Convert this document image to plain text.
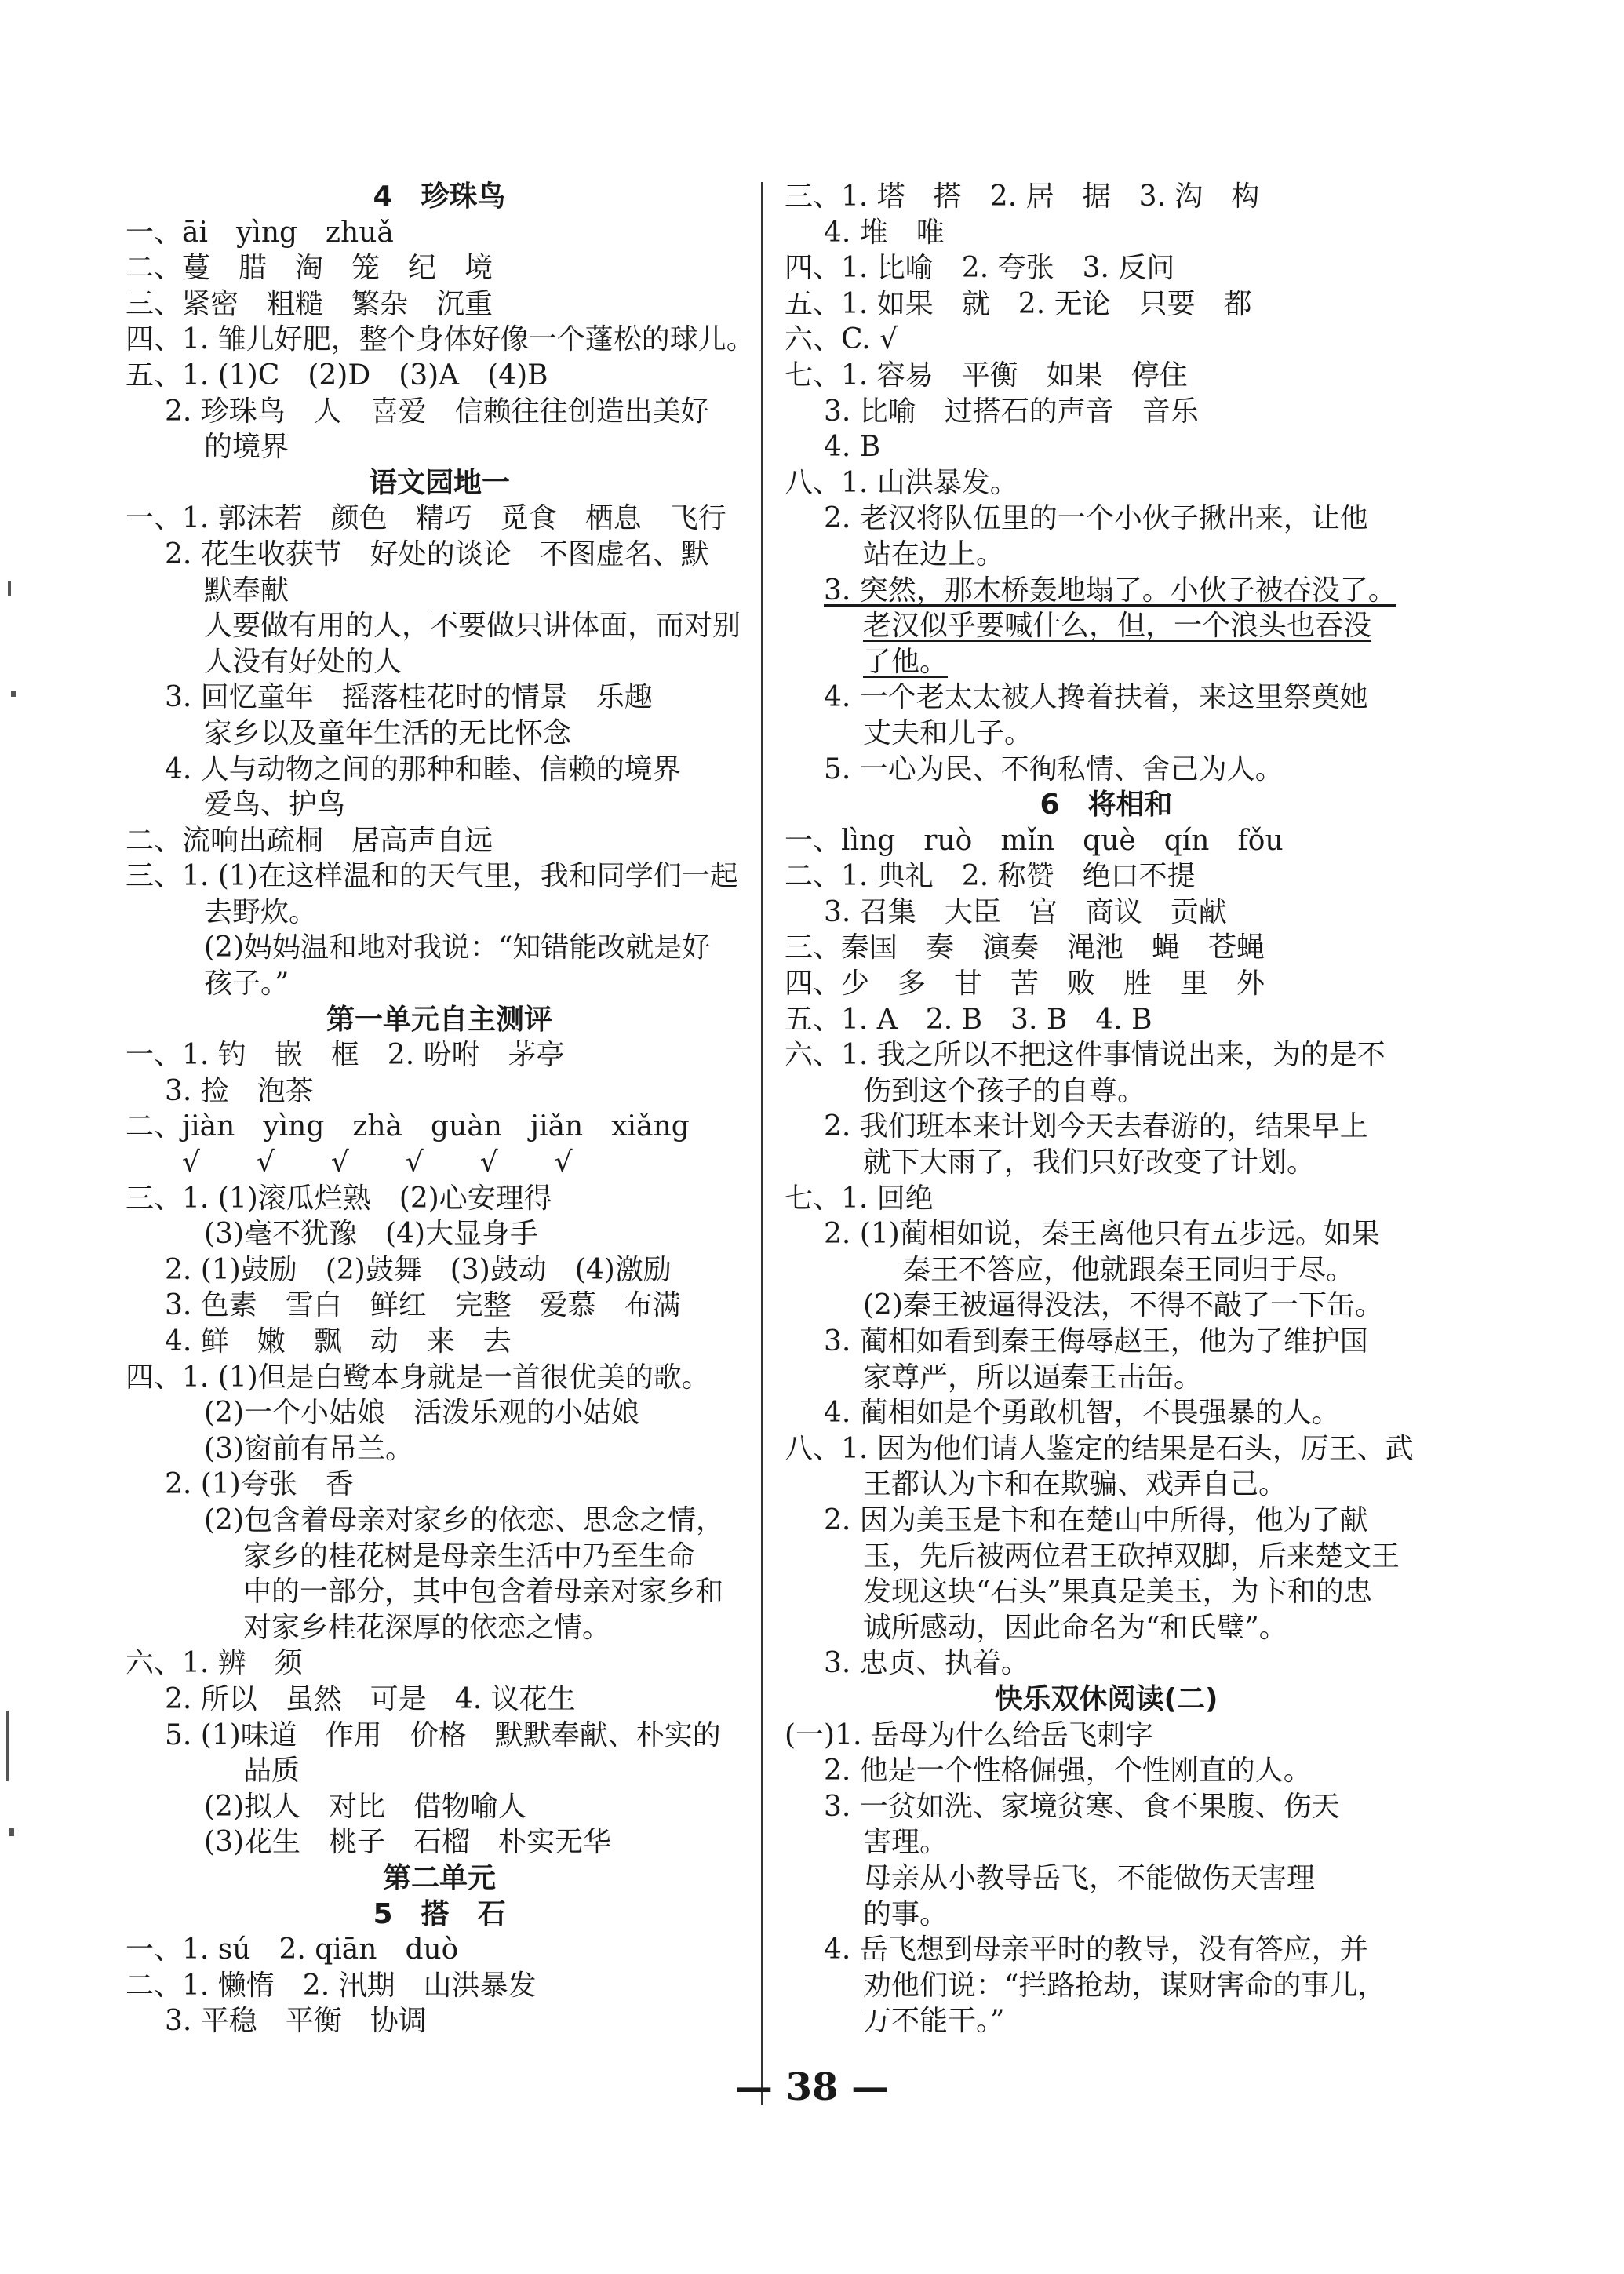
4　珍珠鸟
一、āi　yìng　zhuǎ
二、蔓　腊　淘　笼　纪　境
三、紧密　粗糙　繁杂　沉重
四、1. 雏儿好肥，整个身体好像一个蓬松的球儿。
五、1. (1)C　(2)D　(3)A　(4)B
2. 珍珠鸟　人　喜爱　信赖往往创造出美好
的境界
语文园地一
一、1. 郭沫若　颜色　精巧　觅食　栖息　飞行
2. 花生收获节　好处的谈论　不图虚名、默
默奉献
人要做有用的人，不要做只讲体面，而对别
人没有好处的人
3. 回忆童年　摇落桂花时的情景　乐趣
家乡以及童年生活的无比怀念
4. 人与动物之间的那种和睦、信赖的境界
爱鸟、护鸟
二、流响出疏桐　居高声自远
三、1. (1)在这样温和的天气里，我和同学们一起
去野炊。
(2)妈妈温和地对我说：“知错能改就是好
孩子。”
第一单元自主测评
一、1. 钓　嵌　框　2. 吩咐　茅亭
3. 捡　泡茶
二、jiàn　yìng　zhà　guàn　jiǎn　xiǎng
　　√　　√　　√　　√　　√　　√
三、1. (1)滚瓜烂熟　(2)心安理得
(3)毫不犹豫　(4)大显身手
2. (1)鼓励　(2)鼓舞　(3)鼓动　(4)激励
3. 色素　雪白　鲜红　完整　爱慕　布满
4. 鲜　嫩　飘　动　来　去
四、1. (1)但是白鹭本身就是一首很优美的歌。
(2)一个小姑娘　活泼乐观的小姑娘
(3)窗前有吊兰。
2. (1)夸张　香
(2)包含着母亲对家乡的依恋、思念之情，
家乡的桂花树是母亲生活中乃至生命
中的一部分，其中包含着母亲对家乡和
对家乡桂花深厚的依恋之情。
六、1. 辨　须
2. 所以　虽然　可是　4. 议花生
5. (1)味道　作用　价格　默默奉献、朴实的
品质
(2)拟人　对比　借物喻人
(3)花生　桃子　石榴　朴实无华
第二单元
5　搭　石
一、1. sú　2. qiān　duò
二、1. 懒惰　2. 汛期　山洪暴发
3. 平稳　平衡　协调
三、1. 塔　搭　2. 居　据　3. 沟　构
4. 堆　唯
四、1. 比喻　2. 夸张　3. 反问
五、1. 如果　就　2. 无论　只要　都
六、C. √
七、1. 容易　平衡　如果　停住
3. 比喻　过搭石的声音　音乐
4. B
八、1. 山洪暴发。
2. 老汉将队伍里的一个小伙子揪出来，让他
站在边上。
3. 突然，那木桥轰地塌了。小伙子被吞没了。
老汉似乎要喊什么，但，一个浪头也吞没
了他。
4. 一个老太太被人搀着扶着，来这里祭奠她
丈夫和儿子。
5. 一心为民、不徇私情、舍己为人。
6　将相和
一、lìng　ruò　mǐn　què　qín　fǒu
二、1. 典礼　2. 称赞　绝口不提
3. 召集　大臣　宫　商议　贡献
三、秦国　奏　演奏　渑池　蝇　苍蝇
四、少　多　甘　苦　败　胜　里　外
五、1. A　2. B　3. B　4. B
六、1. 我之所以不把这件事情说出来，为的是不
伤到这个孩子的自尊。
2. 我们班本来计划今天去春游的，结果早上
就下大雨了，我们只好改变了计划。
七、1. 回绝
2. (1)蔺相如说，秦王离他只有五步远。如果
秦王不答应，他就跟秦王同归于尽。
(2)秦王被逼得没法，不得不敲了一下缶。
3. 蔺相如看到秦王侮辱赵王，他为了维护国
家尊严，所以逼秦王击缶。
4. 蔺相如是个勇敢机智，不畏强暴的人。
八、1. 因为他们请人鉴定的结果是石头，厉王、武
王都认为卞和在欺骗、戏弄自己。
2. 因为美玉是卞和在楚山中所得，他为了献
玉，先后被两位君王砍掉双脚，后来楚文王
发现这块“石头”果真是美玉，为卞和的忠
诚所感动，因此命名为“和氏璧”。
3. 忠贞、执着。
快乐双休阅读(二)
(一)1. 岳母为什么给岳飞刺字
2. 他是一个性格倔强，个性刚直的人。
3. 一贫如洗、家境贫寒、食不果腹、伤天
害理。
母亲从小教导岳飞，不能做伤天害理
的事。
4. 岳飞想到母亲平时的教导，没有答应，并
劝他们说：“拦路抢劫，谋财害命的事儿，
万不能干。”
— 38 —
